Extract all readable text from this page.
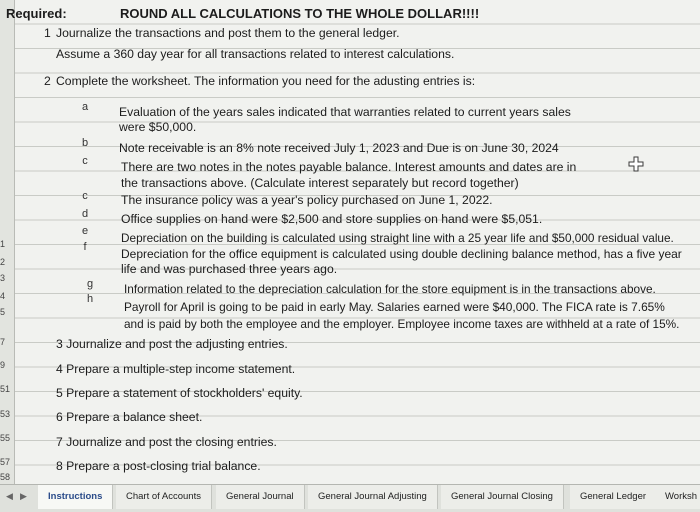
1
2
3
4
5
7
9
51
53
55
57
58
Required:	ROUND ALL CALCULATIONS TO THE WHOLE DOLLAR!!!!
1 Journalize the transactions and post them to the general ledger.
Assume a 360 day year for all transactions related to interest calculations.
2 Complete the worksheet. The information you need for the adusting entries is:
a	Evaluation of the years sales indicated that warranties related to current years sales
were $50,000.
b	Note receivable is an 8% note received July 1, 2023 and Due is on June 30, 2024
c	There are two notes in the notes payable balance. Interest amounts and dates are in
the transactions above. (Calculate interest separately but record together)
c	The insurance policy was a year's policy purchased on June 1, 2022.
d	Office supplies on hand were $2,500 and store supplies on hand were $5,051.
e	Depreciation on the building is calculated using straight line with a 25 year life and $50,000 residual value.
f	Depreciation for the office equipment is calculated using double declining balance method, has a five year
life and was purchased three years ago.
g	Information related to the depreciation calculation for the store equipment is in the transactions above.
h
Payroll for April is going to be paid in early May. Salaries earned were $40,000. The FICA rate is 7.65%
and is paid by both the employee and the employer. Employee income taxes are withheld at a rate of 15%.
3 Journalize and post the adjusting entries.
4 Prepare a multiple-step income statement.
5 Prepare a statement of stockholders' equity.
6 Prepare a balance sheet.
7 Journalize and post the closing entries.
8 Prepare a post-closing trial balance.
◀ ▶	Instructions	Chart of Accounts	General Journal	General Journal Adjusting	General Journal Closing	General Ledger	Worksh
